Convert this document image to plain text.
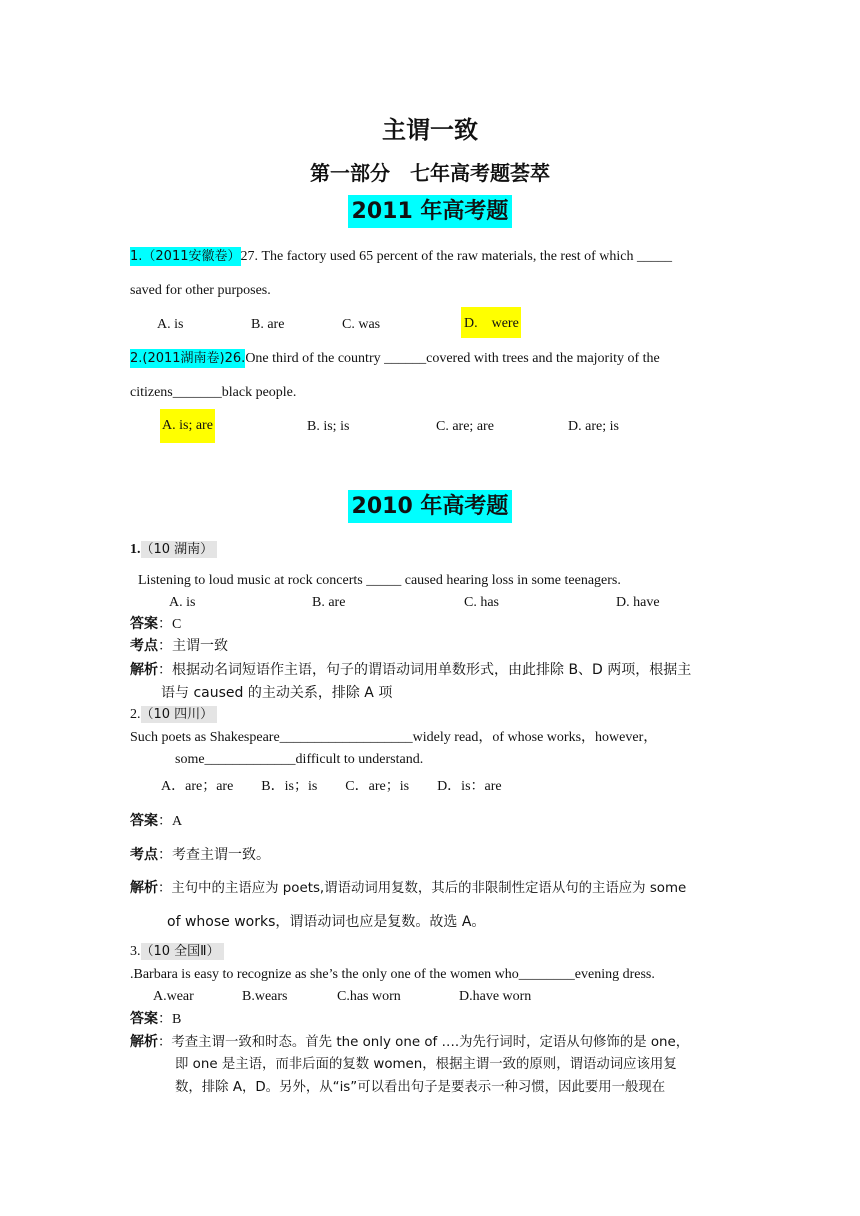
主谓一致
第一部分　七年高考题荟萃
2011 年高考题
1.（2011安徽卷）27. The factory used 65 percent of the raw materials, the rest of which _____
saved for other purposes.
A. is	B. are	C. was	D.　were
2.(2011湖南卷)26.One third of the country ______covered with trees and the majority of the
citizens_______black people.
A. is; are	B. is; is	C. are; are	D. are; is
2010 年高考题
1.（10 湖南）
Listening to loud music at rock concerts _____ caused hearing loss in some teenagers.
A. is	B. are	C. has	D. have
答案：C
考点：主谓一致
解析：根据动名词短语作主语，句子的谓语动词用单数形式，由此排除 B、D 两项，根据主
语与 caused 的主动关系，排除 A 项
2.（10 四川）
Such poets as Shakespeare___________________widely read，of whose works，however，
some_____________difficult to understand.
A．are；are　　B．is；is　　C．are；is　　D．is：are
答案：A
考点：考查主谓一致。
解析：主句中的主语应为 poets,谓语动词用复数，其后的非限制性定语从句的主语应为 some
of whose works，谓语动词也应是复数。故选 A。
3.（10 全国Ⅱ）
.Barbara is easy to recognize as she’s the only one of the women who________evening dress.
A.wear	B.wears	C.has worn	D.have worn
答案：B
解析：考查主谓一致和时态。首先 the only one of ….为先行词时，定语从句修饰的是 one，
即 one 是主语，而非后面的复数 women，根据主谓一致的原则，谓语动词应该用复
数，排除 A，D。另外，从“is”可以看出句子是要表示一种习惯，因此要用一般现在
